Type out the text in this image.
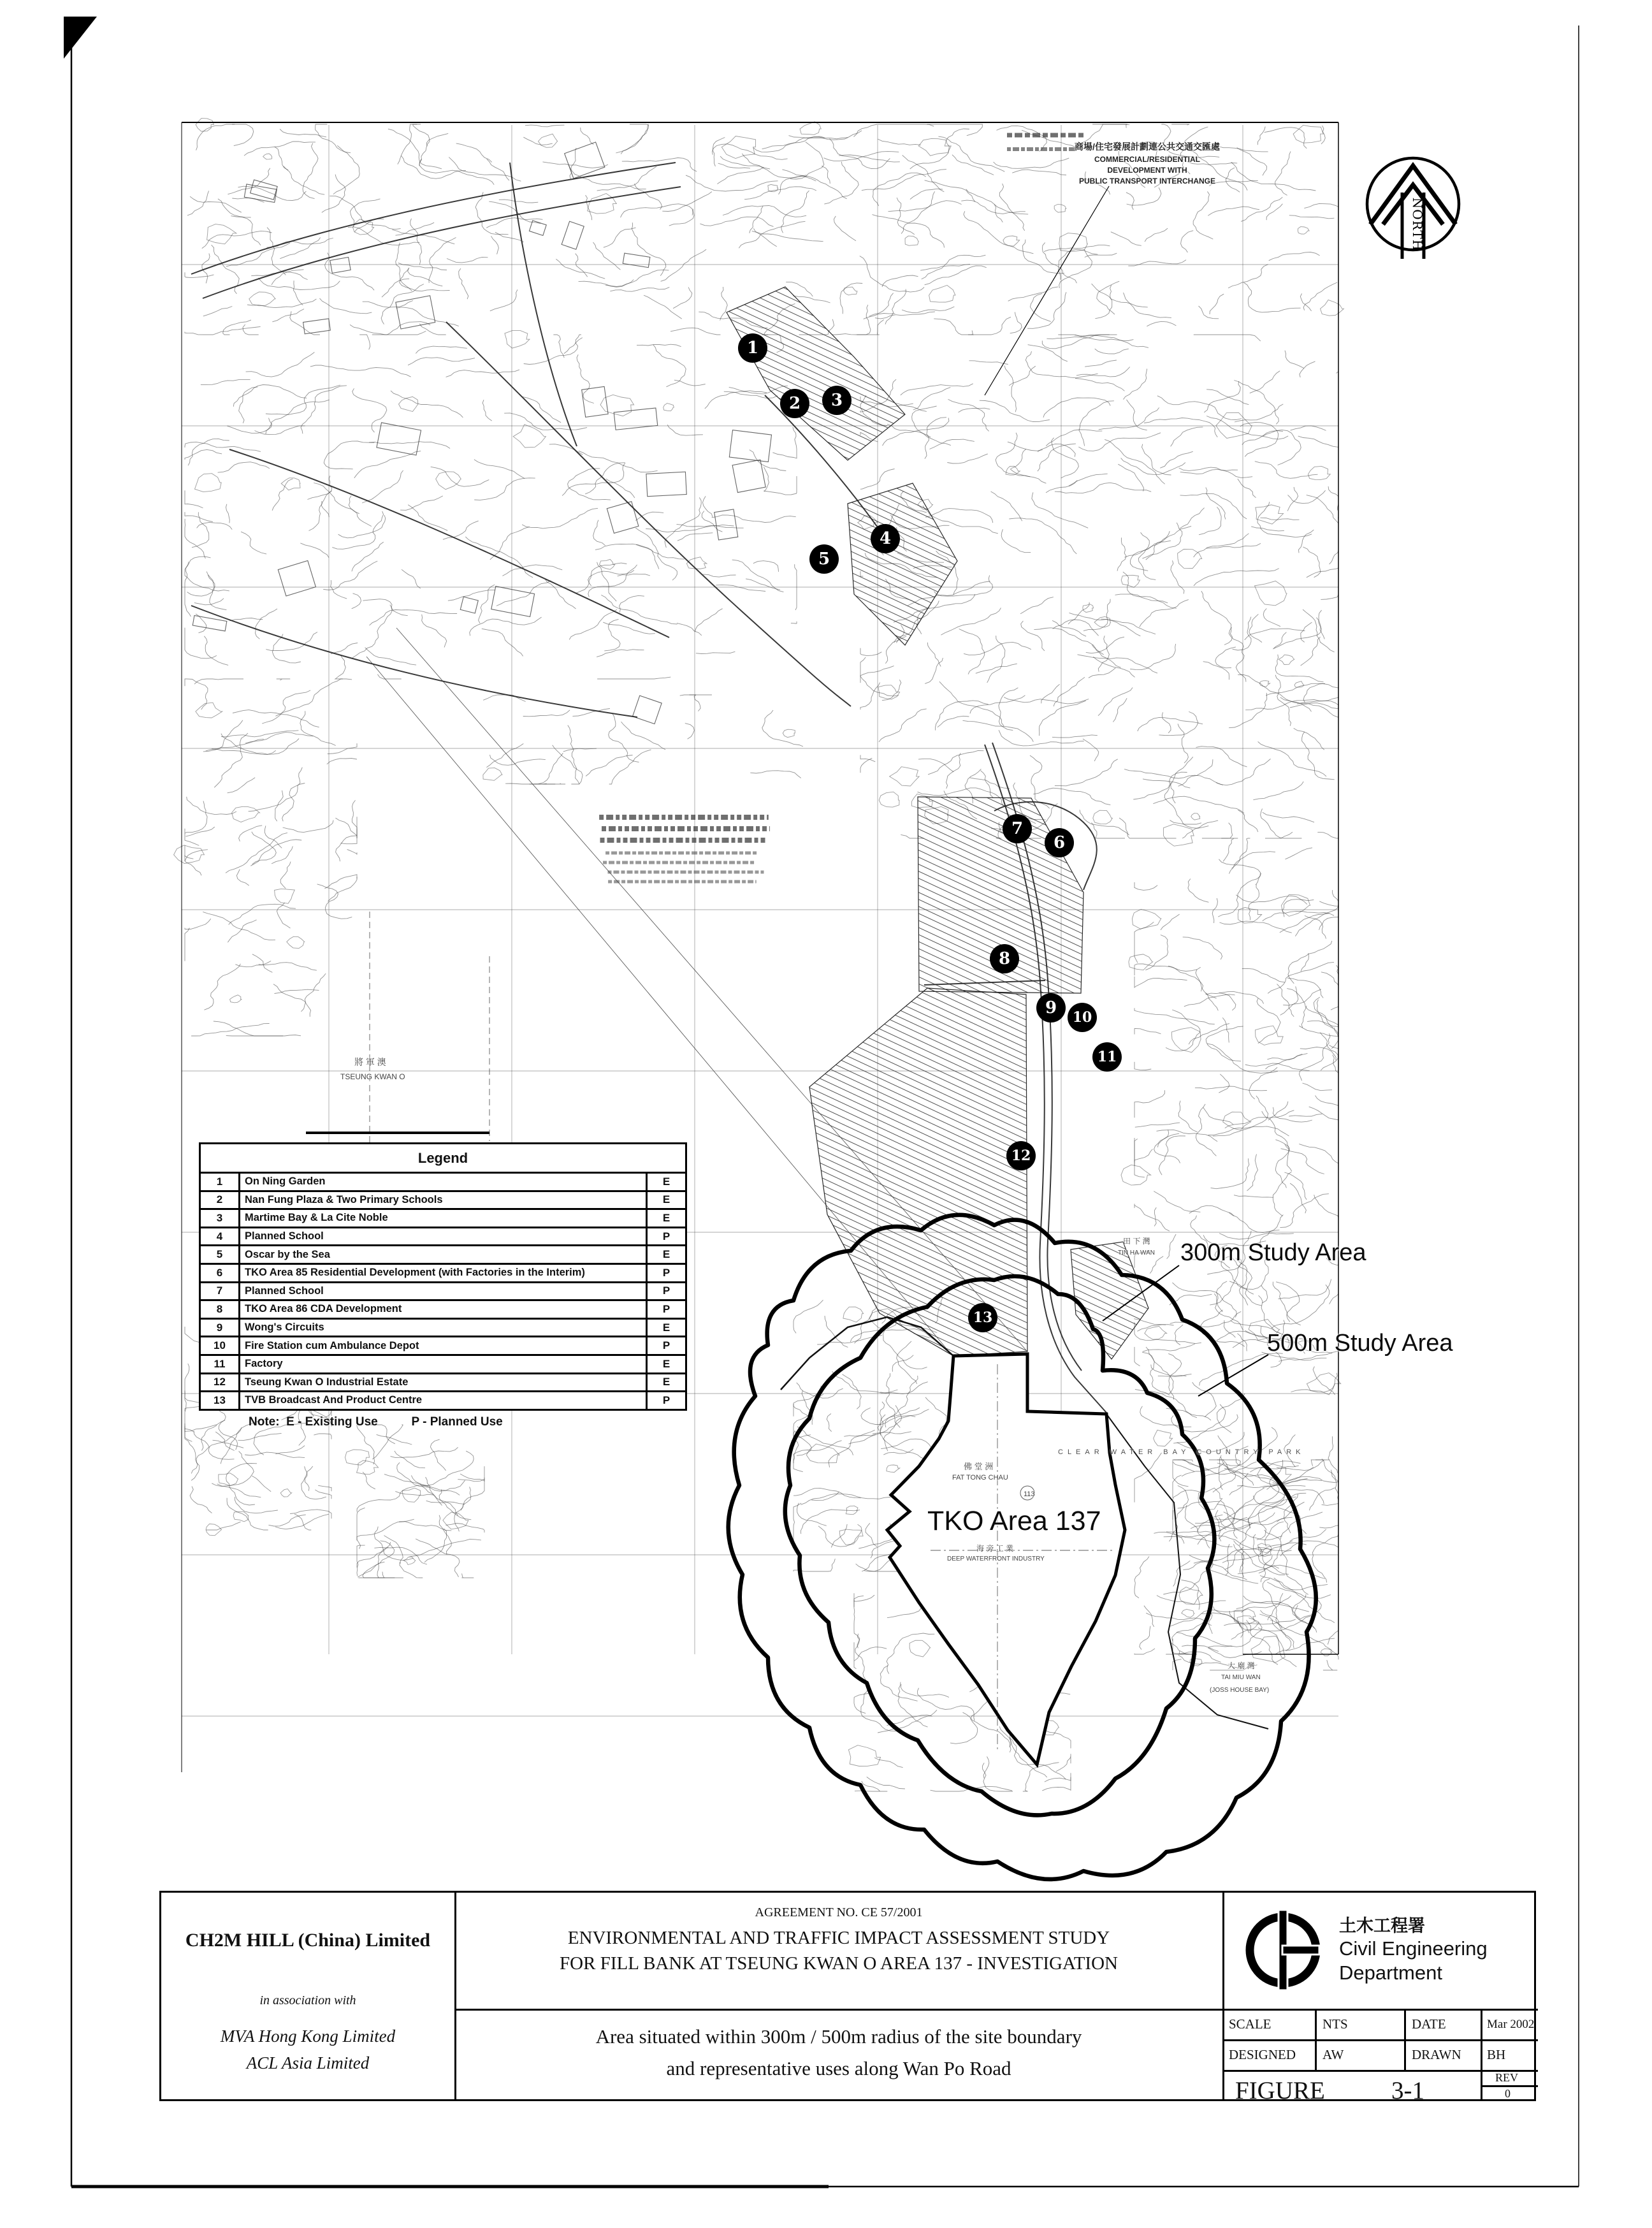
NORTH
Legend
1	On Ning Garden	E
2	Nan Fung Plaza & Two Primary Schools	E
3	Martime Bay & La Cite Noble	E
4	Planned School	P
5	Oscar by the Sea	E
6	TKO Area 85 Residential Development (with Factories in the Interim)	P
7	Planned School	P
8	TKO Area 86 CDA Development	P
9	Wong's Circuits	E
10	Fire Station cum Ambulance Depot	P
11	Factory	E
12	Tseung Kwan O Industrial Estate	E
13	TVB Broadcast And Product Centre	P
Note:  E - Existing Use          P - Planned Use
1
2	3
4
5
6
7
8
9	10
11
12
13
300m Study Area
500m Study Area
TKO Area 137
商場/住宅發展計劃連公共交通交匯處
COMMERCIAL/RESIDENTIAL
DEVELOPMENT WITH
PUBLIC TRANSPORT INTERCHANGE
佛 堂 洲
FAT TONG CHAU
113
海 旁 工 業
DEEP WATERFRONT INDUSTRY
將 軍 澳
TSEUNG KWAN O
田 下 灣
TIN HA WAN
大 廟 灣
TAI MIU WAN
(JOSS HOUSE BAY)
CLEAR WATER BAY COUNTRY PARK
CH2M HILL (China) Limited
in association with
MVA Hong Kong Limited
ACL Asia Limited
AGREEMENT NO. CE 57/2001
ENVIRONMENTAL AND TRAFFIC IMPACT ASSESSMENT STUDY
FOR FILL BANK AT TSEUNG KWAN O AREA 137 - INVESTIGATION
Area situated within 300m / 500m radius of the site boundary
and representative uses along Wan Po Road
土木工程署
Civil Engineering
Department
SCALE	NTS	DATE	Mar 2002
DESIGNED AW	DRAWN BH
FIGURE	3-1	REV
0
